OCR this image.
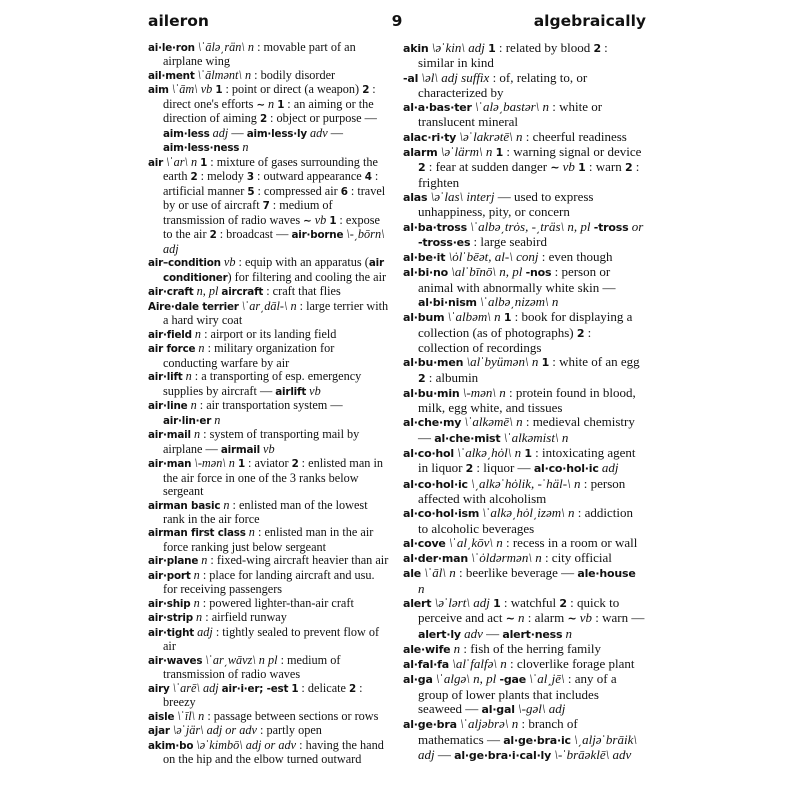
aileron	9	algebraically

ai·le·ron \ˈālə͵rän\ n : movable part of an airplane wing

ail·ment \ˈālmənt\ n : bodily disorder

aim \ˈām\ vb 1 : point or direct (a weapon) 2 : direct one's efforts ∼ n 1 : an aiming or the direction of aiming 2 : object or purpose — aim·less adj — aim·less·ly adv — aim·less·ness n

air \ˈar\ n 1 : mixture of gases surrounding the earth 2 : melody 3 : outward appearance 4 : artificial manner 5 : compressed air 6 : travel by or use of aircraft 7 : medium of transmission of radio waves ∼ vb 1 : expose to the air 2 : broadcast — air·borne \-͵bōrn\ adj

air–condition vb : equip with an apparatus (air conditioner) for filtering and cooling the air

air·craft n, pl aircraft : craft that flies

Aire·dale terrier \ˈar͵dāl-\ n : large terrier with a hard wiry coat

air·field n : airport or its landing field

air force n : military organization for conducting warfare by air

air·lift n : a transporting of esp. emergency supplies by aircraft — airlift vb

air·line n : air transportation system — air·lin·er n

air·mail n : system of transporting mail by airplane — airmail vb

air·man \-mən\ n 1 : aviator 2 : enlisted man in the air force in one of the 3 ranks below sergeant

airman basic n : enlisted man of the lowest rank in the air force

airman first class n : enlisted man in the air force ranking just below sergeant

air·plane n : fixed-wing aircraft heavier than air

air·port n : place for landing aircraft and usu. for receiving passengers

air·ship n : powered lighter-than-air craft

air·strip n : airfield runway

air·tight adj : tightly sealed to prevent flow of air

air·waves \ˈar͵wāvz\ n pl : medium of transmission of radio waves

airy \ˈarē\ adj air·i·er; -est 1 : delicate 2 : breezy

aisle \ˈīl\ n : passage between sections or rows

ajar \əˈjär\ adj or adv : partly open

akim·bo \əˈkimbō\ adj or adv : having the hand on the hip and the elbow turned outward

akin \əˈkin\ adj 1 : related by blood 2 : similar in kind

-al \əl\ adj suffix : of, relating to, or characterized by

al·a·bas·ter \ˈalə͵bastər\ n : white or translucent mineral

alac·ri·ty \əˈlakrətē\ n : cheerful readiness

alarm \əˈlärm\ n 1 : warning signal or device 2 : fear at sudden danger ∼ vb 1 : warn 2 : frighten

alas \əˈlas\ interj — used to express unhappiness, pity, or concern

al·ba·tross \ˈalbə͵trȯs, -͵träs\ n, pl -tross or -tross·es : large seabird

al·be·it \ȯlˈbēət, al-\ conj : even though

al·bi·no \alˈbīnō\ n, pl -nos : person or animal with abnormally white skin — al·bi·nism \ˈalbə͵nizəm\ n

al·bum \ˈalbəm\ n 1 : book for displaying a collection (as of photographs) 2 : collection of recordings

al·bu·men \alˈbyümən\ n 1 : white of an egg 2 : albumin

al·bu·min \-mən\ n : protein found in blood, milk, egg white, and tissues

al·che·my \ˈalkəmē\ n : medieval chemistry — al·che·mist \ˈalkəmist\ n

al·co·hol \ˈalkə͵hȯl\ n 1 : intoxicating agent in liquor 2 : liquor — al·co·hol·ic adj

al·co·hol·ic \͵alkəˈhȯlik, -ˈhäl-\ n : person affected with alcoholism

al·co·hol·ism \ˈalkə͵hȯl͵izəm\ n : addiction to alcoholic beverages

al·cove \ˈal͵kōv\ n : recess in a room or wall

al·der·man \ˈȯldərmən\ n : city official

ale \ˈāl\ n : beerlike beverage — ale·house n

alert \əˈlərt\ adj 1 : watchful 2 : quick to perceive and act ∼ n : alarm ∼ vb : warn — alert·ly adv — alert·ness n

ale·wife n : fish of the herring family

al·fal·fa \alˈfalfə\ n : cloverlike forage plant

al·ga \ˈalgə\ n, pl -gae \ˈal͵jē\ : any of a group of lower plants that includes seaweed — al·gal \-gəl\ adj

al·ge·bra \ˈaljəbrə\ n : branch of mathematics — al·ge·bra·ic \͵aljəˈbrāik\ adj — al·ge·bra·i·cal·ly \-ˈbrāəklē\ adv
